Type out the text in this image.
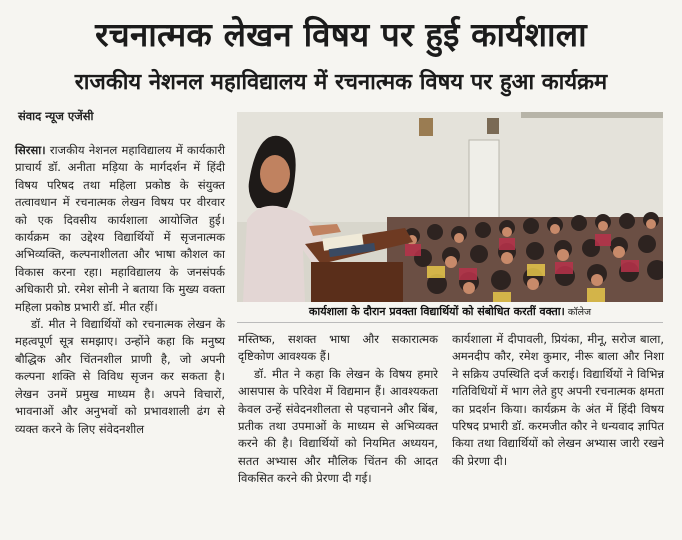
रचनात्मक लेखन विषय पर हुई कार्यशाला
राजकीय नेशनल महाविद्यालय में रचनात्मक विषय पर हुआ कार्यक्रम
संवाद न्यूज एजेंसी

सिरसा। राजकीय नेशनल महाविद्यालय में कार्यकारी प्राचार्य डॉ. अनीता मड़िया के मार्गदर्शन में हिंदी विषय परिषद तथा महिला प्रकोष्ठ के संयुक्त तत्वावधान में रचनात्मक लेखन विषय पर वीरवार को एक दिवसीय कार्यशाला आयोजित हुई। कार्यक्रम का उद्देश्य विद्यार्थियों में सृजनात्मक अभिव्यक्ति, कल्पनाशीलता और भाषा कौशल का विकास करना रहा। महाविद्यालय के जनसंपर्क अधिकारी प्रो. रमेश सोनी ने बताया कि मुख्य वक्ता महिला प्रकोष्ठ प्रभारी डॉ. मीत रहीं।

डॉ. मीत ने विद्यार्थियों को रचनात्मक लेखन के महत्वपूर्ण सूत्र समझाए। उन्होंने कहा कि मनुष्य बौद्धिक और चिंतनशील प्राणी है, जो अपनी कल्पना शक्ति से विविध सृजन कर सकता है। लेखन उनमें प्रमुख माध्यम है। अपने विचारों, भावनाओं और अनुभवों को प्रभावशाली ढंग से व्यक्त करने के लिए संवेदनशील

कार्यशाला के दौरान प्रवक्ता विद्यार्थियों को संबोधित करतीं वक्ता। कॉलेज

मस्तिष्क, सशक्त भाषा और सकारात्मक दृष्टिकोण आवश्यक हैं।

डॉ. मीत ने कहा कि लेखन के विषय हमारे आसपास के परिवेश में विद्यमान हैं। आवश्यकता केवल उन्हें संवेदनशीलता से पहचानने और बिंब, प्रतीक तथा उपमाओं के माध्यम से अभिव्यक्त करने की है। विद्यार्थियों को नियमित अध्ययन, सतत अभ्यास और मौलिक चिंतन की आदत विकसित करने की प्रेरणा दी गई।

कार्यशाला में दीपावली, प्रियंका, मीनू, सरोज बाला, अमनदीप कौर, रमेश कुमार, नीरू बाला और निशा ने सक्रिय उपस्थिति दर्ज कराई। विद्यार्थियों ने विभिन्न गतिविधियों में भाग लेते हुए अपनी रचनात्मक क्षमता का प्रदर्शन किया। कार्यक्रम के अंत में हिंदी विषय परिषद प्रभारी डॉ. करमजीत कौर ने धन्यवाद ज्ञापित किया तथा विद्यार्थियों को लेखन अभ्यास जारी रखने की प्रेरणा दी।
